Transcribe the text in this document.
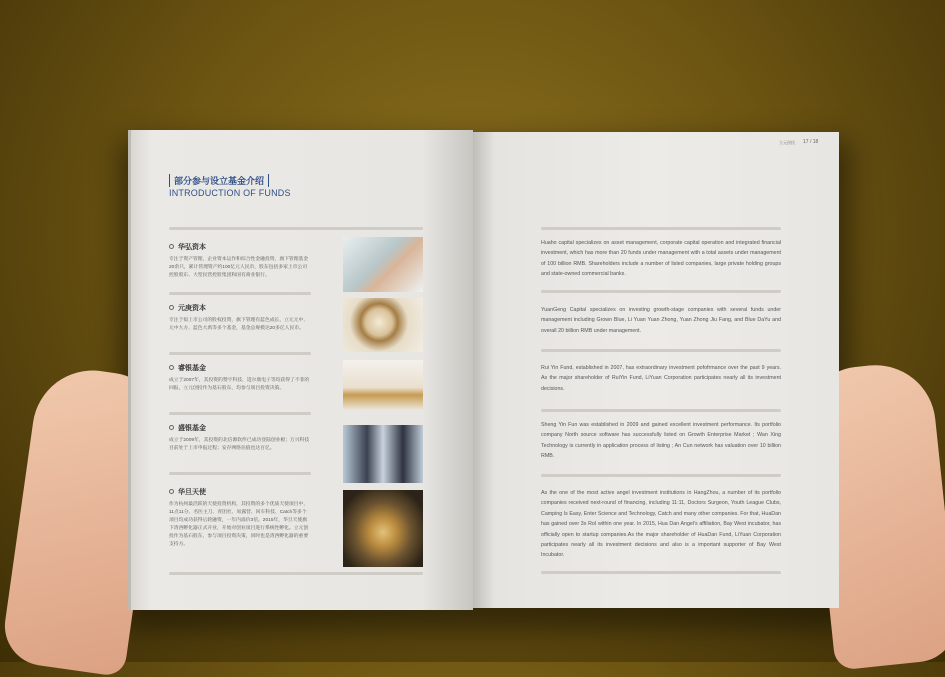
部分参与设立基金介绍
INTRODUCTION OF FUNDS
华弘资本

专注于资产管理、企业资本运作和综合性金融投资，旗下管理基金20余只，累计管理资产约100亿元人民币，股东包括多家上市公司控股股东、大型民营控股集团和国有商业银行。

元庚资本

专注于拟上市公司的股权投资，旗下管理有蓝色成长、立元元中、元中九方、蓝色大禹等多个基金，基金总规模达20多亿人民币。

睿银基金

成立于2007年，其投资的赞宇科技、适尔康电子等均获得了不菲的回报，立元创投作为基石股东，均参与项目投资决策。

盛银基金

成立于2009年，其投资的北信源软件已成功登陆创业板；万兴科技目前处于上市申报过程；安存网络估值也达百亿。

华旦天使

作为杭州最活跃的天使投资机构，其投资的多个优质天使项目中，11点11分、名医主刀、青团社、易露营、回车科技、Catch等多个项目均成功获得后轮融资，一年内溢价3倍。2015年，华旦天使旗下湾西孵化器正式开业，开始对创业项目进行系统性孵化。立元创投作为基石股东，参与项目投资决策，同时也是湾西孵化器的重要支持方。

立元创投 17 / 18
Huaho capital specializes on asset management, corporate capital operation and integrated financial investment, which has more than 20 funds under management with a total assets under management of 100 billion RMB. Shareholders include a number of listed companies, large private holding groups and state-owned commercial banks.
YuanGeng Capital specializes on investing growth-stage companies with several funds under management including Grown Blue, Li Yuan Yuan Zhong, Yuan Zhong Jiu Fang, and Blue DaYu and overall 20 billion RMB under management.
Rui Yin Fund, established in 2007, has extraordinary investment pofofrmance over the past 9 years. As the major shareholder of RuiYin Fund, LiYuan Corporation participates nearly all its investment decisions.
Sheng Yin Fun was established in 2009 and gained excellent investment performance. Its portfolio company North source software has successfully listed on Growth Enterprise Market ; Wan Xing Technology is currently in application process of listing ; An Cun network has valuation over 10 billion RMB.
As the one of the most active angel investment institutions in HangZhou, a number of its portfolio companies received next-round of financing, including 11:11, Doctors Surgeon, Youth League Clubs, Camping Is Easy, Enter Science and Technology, Catch and many other companies. For that, HuaDan has gained over 3x RoI within one year. In 2015, Hua Dan Angel's affiliation, Bay West incubator, has officially open to startup companies.As the major shareholder of HuaDan Fund, LiYuan Corporation participates nearly all its investment decisions and also is a important supporter of Bay West Incubator.
